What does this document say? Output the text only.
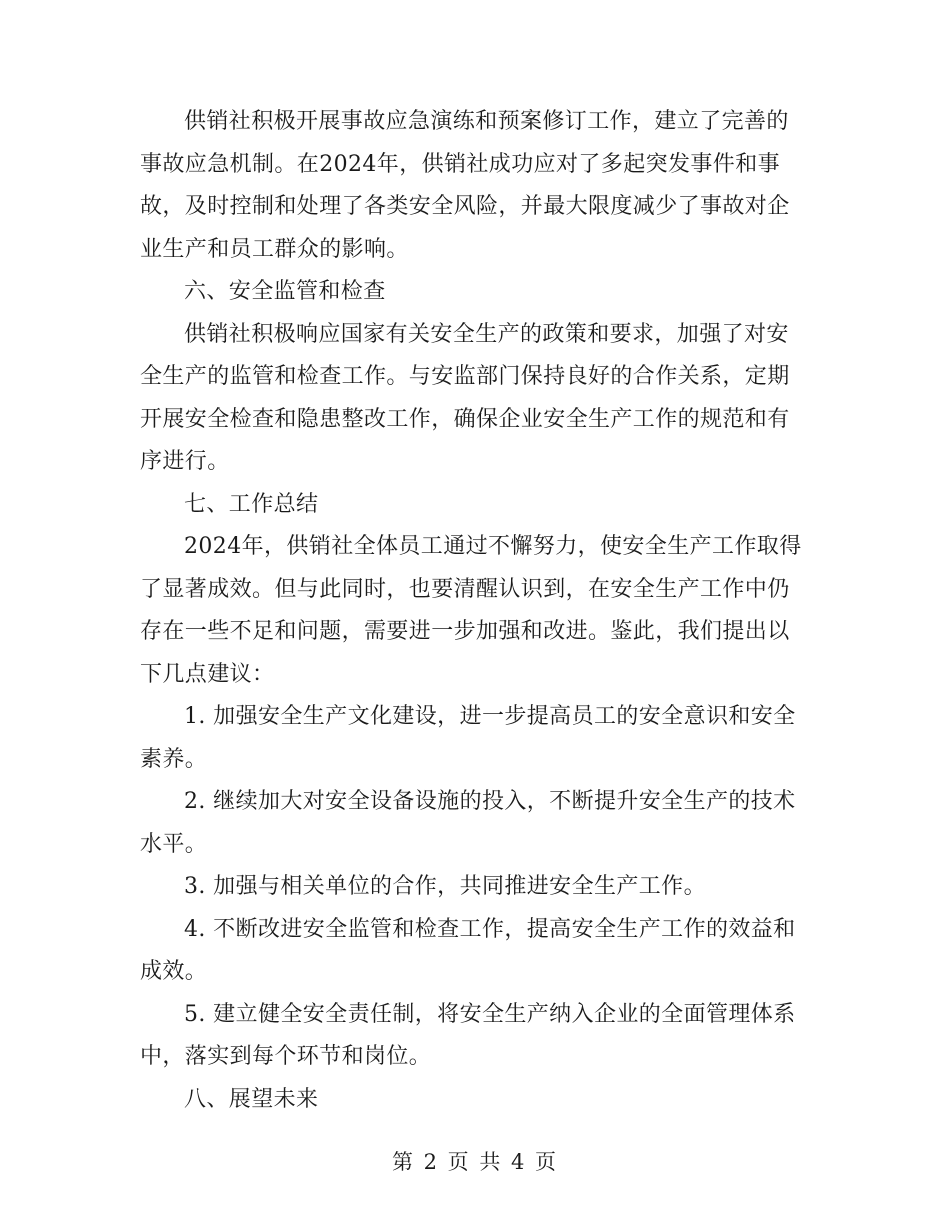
供销社积极开展事故应急演练和预案修订工作，建立了完善的事故应急机制。在2024年，供销社成功应对了多起突发事件和事故，及时控制和处理了各类安全风险，并最大限度减少了事故对企业生产和员工群众的影响。

六、安全监管和检查

供销社积极响应国家有关安全生产的政策和要求，加强了对安全生产的监管和检查工作。与安监部门保持良好的合作关系，定期开展安全检查和隐患整改工作，确保企业安全生产工作的规范和有序进行。

七、工作总结

2024年，供销社全体员工通过不懈努力，使安全生产工作取得了显著成效。但与此同时，也要清醒认识到，在安全生产工作中仍存在一些不足和问题，需要进一步加强和改进。鉴此，我们提出以下几点建议：

1. 加强安全生产文化建设，进一步提高员工的安全意识和安全素养。

2. 继续加大对安全设备设施的投入，不断提升安全生产的技术水平。

3. 加强与相关单位的合作，共同推进安全生产工作。

4. 不断改进安全监管和检查工作，提高安全生产工作的效益和成效。

5. 建立健全安全责任制，将安全生产纳入企业的全面管理体系中，落实到每个环节和岗位。

八、展望未来

第 2 页 共 4 页
